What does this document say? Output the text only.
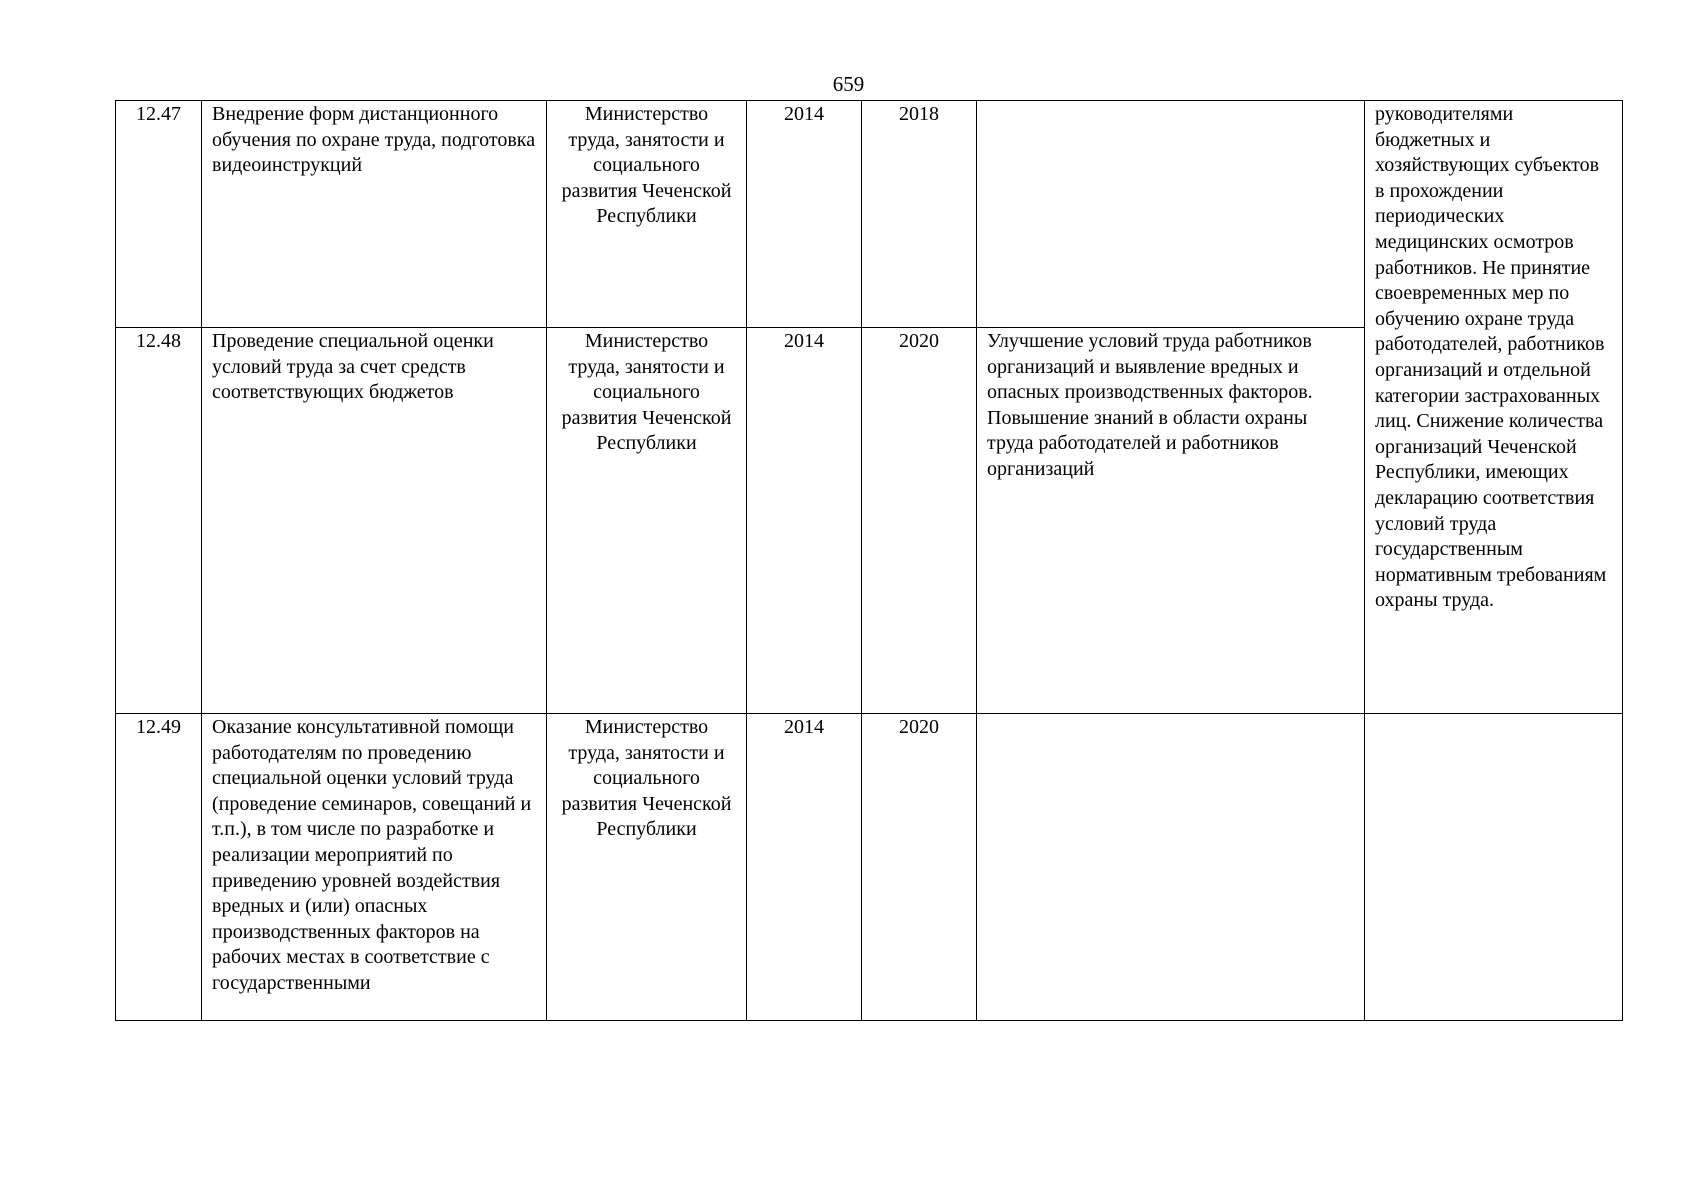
659
12.47	Внедрение форм дистанционного обучения по охране труда, подготовка видеоинструкций	Министерство труда, занятости и социального развития Чеченской Республики	2014	2018		руководителями бюджетных и хозяйствующих субъектов в прохождении периодических медицинских осмотров работников. Не принятие своевременных мер по обучению охране труда работодателей, работников организаций и отдельной категории застрахованных лиц. Снижение количества организаций Чеченской Республики, имеющих декларацию соответствия условий труда государственным нормативным требованиям охраны труда.
12.48	Проведение специальной оценки условий труда за счет средств соответствующих бюджетов	Министерство труда, занятости и социального развития Чеченской Республики	2014	2020	Улучшение условий труда работников организаций и выявление вредных и опасных производственных факторов. Повышение знаний в области охраны труда работодателей и работников организаций	
12.49	Оказание консультативной помощи работодателям по проведению специальной оценки условий труда (проведение семинаров, совещаний и т.п.), в том числе по разработке и реализации мероприятий по приведению уровней воздействия вредных и (или) опасных производственных факторов на рабочих местах в соответствие с государственными	Министерство труда, занятости и социального развития Чеченской Республики	2014	2020		
